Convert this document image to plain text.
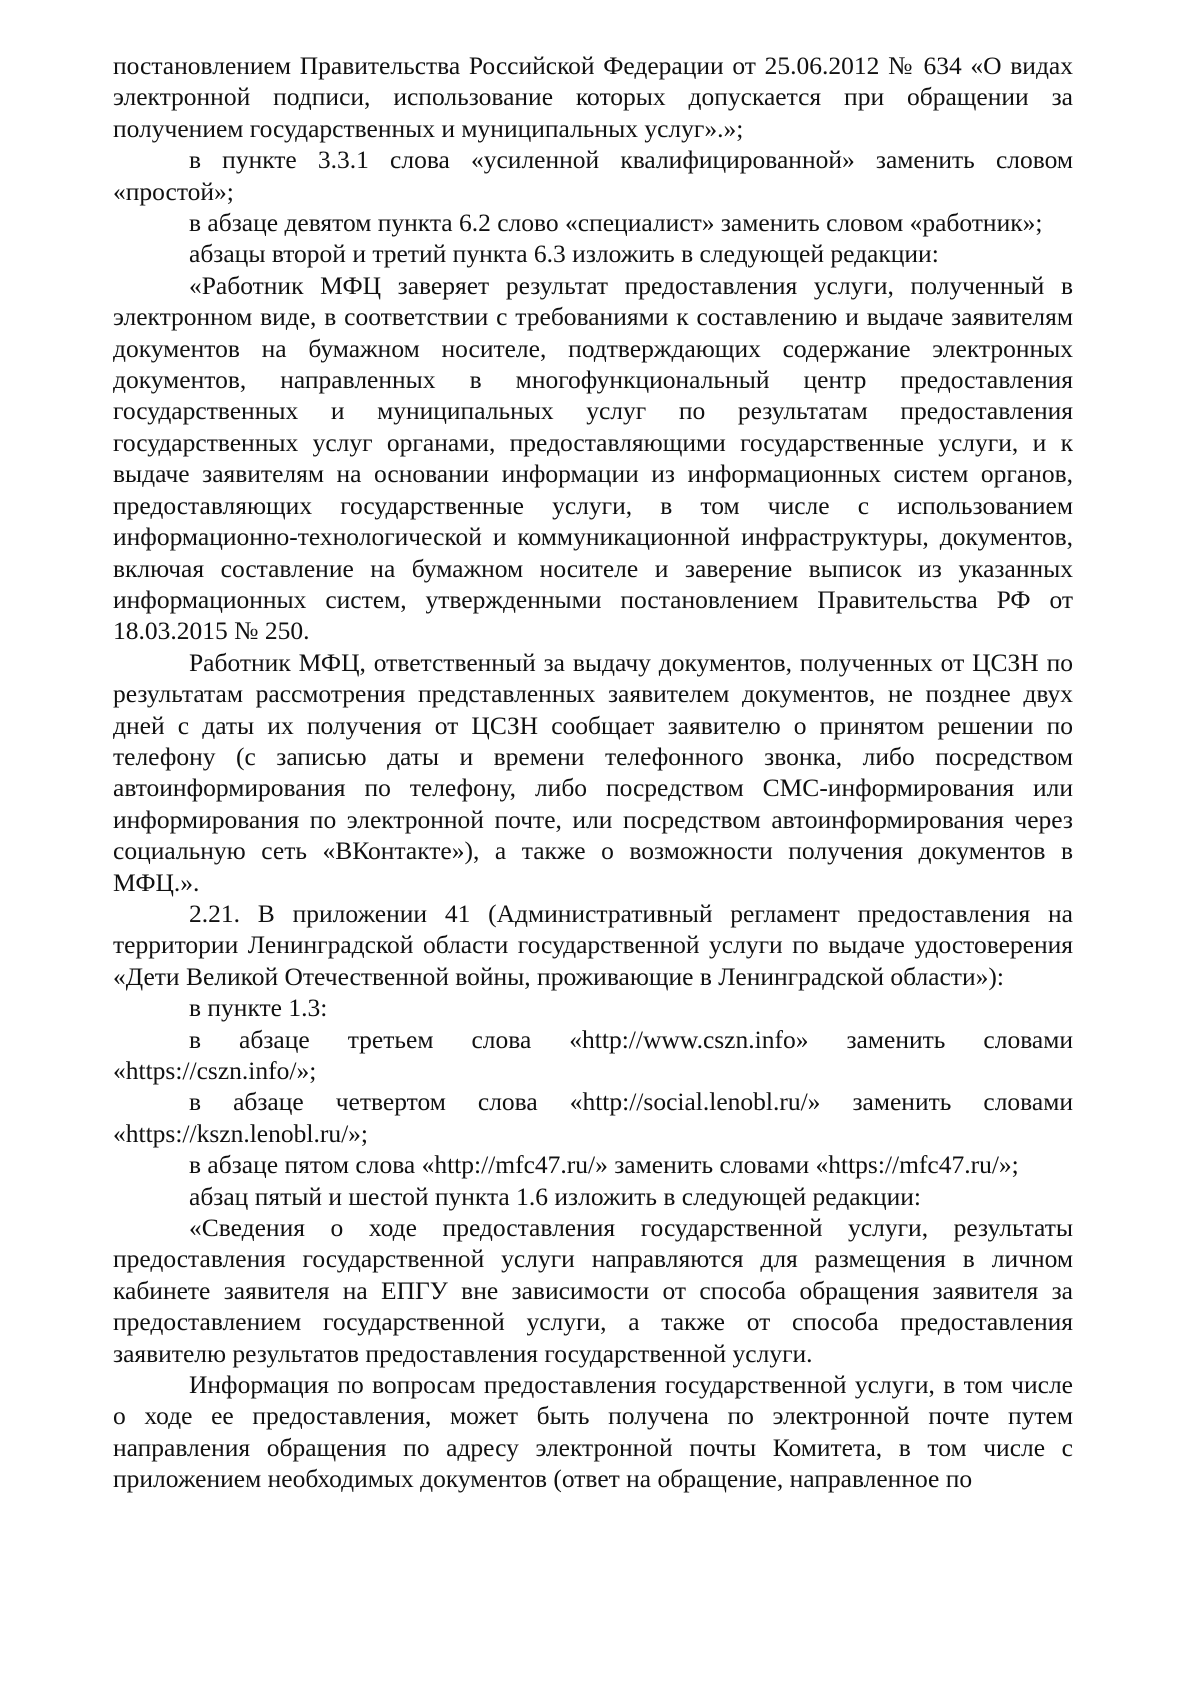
постановлением Правительства Российской Федерации от 25.06.2012 № 634 «О видах электронной подписи, использование которых допускается при обращении за получением государственных и муниципальных услуг».»;

в пункте 3.3.1 слова «усиленной квалифицированной» заменить словом «простой»;

в абзаце девятом пункта 6.2 слово «специалист» заменить словом «работник»;

абзацы второй и третий пункта 6.3 изложить в следующей редакции:

«Работник МФЦ заверяет результат предоставления услуги, полученный в электронном виде, в соответствии с требованиями к составлению и выдаче заявителям документов на бумажном носителе, подтверждающих содержание электронных документов, направленных в многофункциональный центр предоставления государственных и муниципальных услуг по результатам предоставления государственных услуг органами, предоставляющими государственные услуги, и к выдаче заявителям на основании информации из информационных систем органов, предоставляющих государственные услуги, в том числе с использованием информационно-технологической и коммуникационной инфраструктуры, документов, включая составление на бумажном носителе и заверение выписок из указанных информационных систем, утвержденными постановлением Правительства РФ от 18.03.2015 № 250.

Работник МФЦ, ответственный за выдачу документов, полученных от ЦСЗН по результатам рассмотрения представленных заявителем документов, не позднее двух дней с даты их получения от ЦСЗН сообщает заявителю о принятом решении по телефону (с записью даты и времени телефонного звонка, либо посредством автоинформирования по телефону, либо посредством СМС-информирования или информирования по электронной почте, или посредством автоинформирования через социальную сеть «ВКонтакте»), а также о возможности получения документов в МФЦ.».

2.21. В приложении 41 (Административный регламент предоставления на территории Ленинградской области государственной услуги по выдаче удостоверения «Дети Великой Отечественной войны, проживающие в Ленинградской области»):

в пункте 1.3:

в абзаце третьем слова «http://www.cszn.info» заменить словами «https://cszn.info/»;

в абзаце четвертом слова «http://social.lenobl.ru/» заменить словами «https://kszn.lenobl.ru/»;

в абзаце пятом слова «http://mfc47.ru/» заменить словами «https://mfc47.ru/»;

абзац пятый и шестой пункта 1.6 изложить в следующей редакции:

«Сведения о ходе предоставления государственной услуги, результаты предоставления государственной услуги направляются для размещения в личном кабинете заявителя на ЕПГУ вне зависимости от способа обращения заявителя за предоставлением государственной услуги, а также от способа предоставления заявителю результатов предоставления государственной услуги.

Информация по вопросам предоставления государственной услуги, в том числе о ходе ее предоставления, может быть получена по электронной почте путем направления обращения по адресу электронной почты Комитета, в том числе с приложением необходимых документов (ответ на обращение, направленное по
